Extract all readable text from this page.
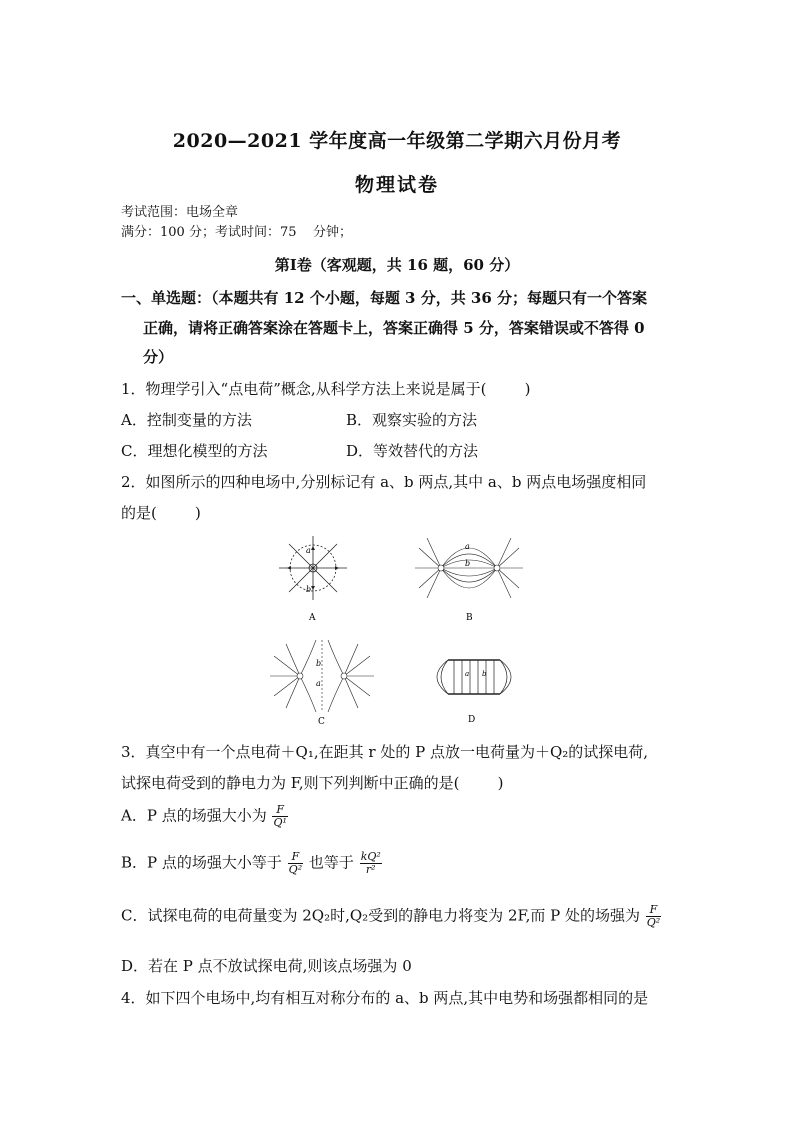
2020—2021 学年度高一年级第二学期六月份月考
物理试卷
考试范围：电场全章
满分：100 分；考试时间：75    分钟；
第Ⅰ卷（客观题，共 16 题，60 分）
一、单选题：（本题共有 12 个小题，每题 3 分，共 36 分；每题只有一个答案
正确，请将正确答案涂在答题卡上，答案正确得 5 分，答案错误或不答得 0
分）
1．物理学引入“点电荷”概念,从科学方法上来说是属于(        )
A．控制变量的方法	B．观察实验的方法
C．理想化模型的方法	D．等效替代的方法
2．如图所示的四种电场中,分别标记有 a、b 两点,其中 a、b 两点电场强度相同
的是(        )
a
b
A
a
b
B
b
a
C
a b
D
3．真空中有一个点电荷＋Q₁,在距其 r 处的 P 点放一电荷量为＋Q₂的试探电荷,
试探电荷受到的静电力为 F,则下列判断中正确的是(        )
A．P 点的场强大小为 $\frac{F}{\text{Q¹}}$
B．P 点的场强大小等于 $\frac{F}{\text{Q²}}$ 也等于 $\frac{\text{kQ²}}{\text{r²}}$
C．试探电荷的电荷量变为 2Q₂时,Q₂受到的静电力将变为 2F,而 P 处的场强为 $\frac{F}{\text{Q²}}$
D．若在 P 点不放试探电荷,则该点场强为 0
4．如下四个电场中,均有相互对称分布的 a、b 两点,其中电势和场强都相同的是
